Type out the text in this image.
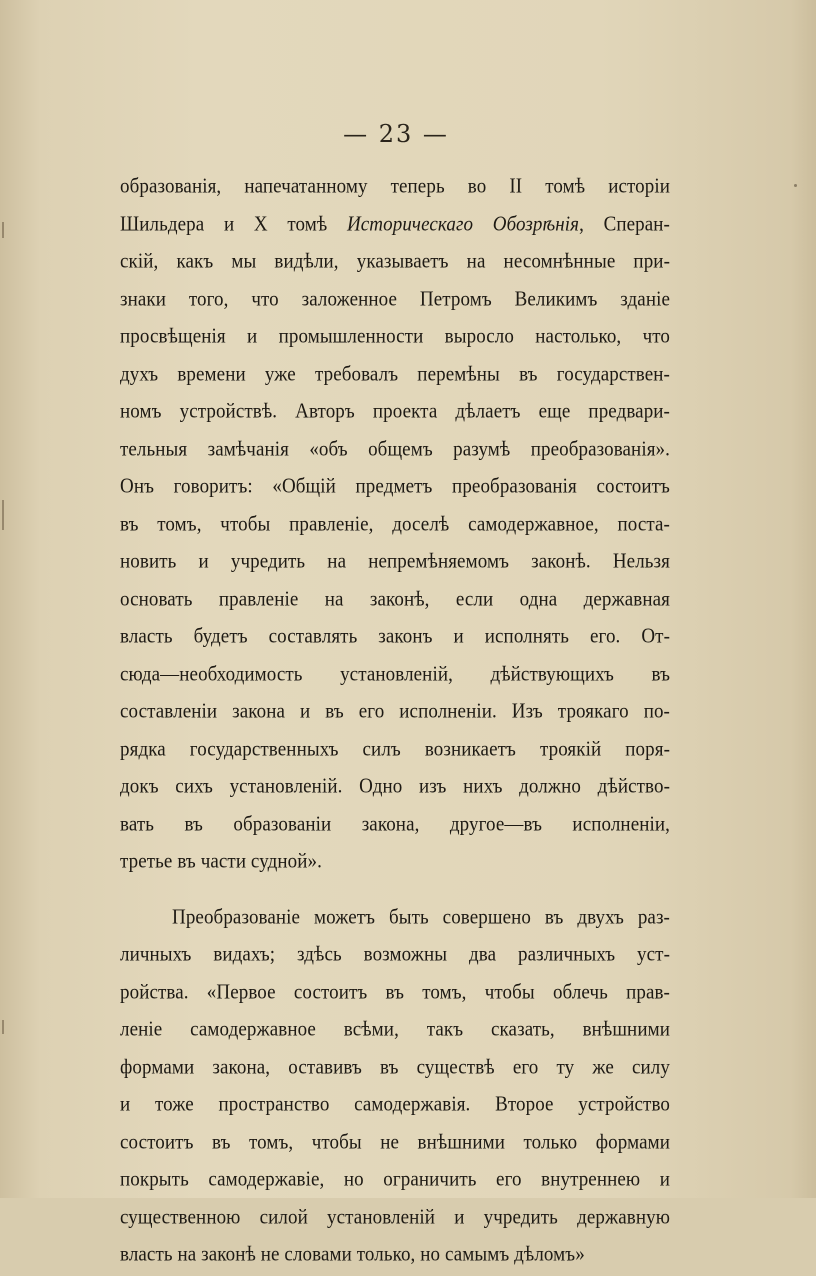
— 23 —
образованія, напечатанному теперь во II томѣ исторіи
Шильдера и X томѣ Историческаго Обозрѣнія, Сперан-
скій, какъ мы видѣли, указываетъ на несомнѣнные при-
знаки того, что заложенное Петромъ Великимъ зданіе
просвѣщенія и промышленности выросло настолько, что
духъ времени уже требовалъ перемѣны въ государствен-
номъ устройствѣ. Авторъ проекта дѣлаетъ еще предвари-
тельныя замѣчанія «объ общемъ разумѣ преобразованія».
Онъ говоритъ: «Общій предметъ преобразованія состоитъ
въ томъ, чтобы правленіе, доселѣ самодержавное, поста-
новить и учредить на непремѣняемомъ законѣ. Нельзя
основать правленіе на законѣ, если одна державная
власть будетъ составлять законъ и исполнять его. От-
сюда—необходимость установленій, дѣйствующихъ въ
составленіи закона и въ его исполненіи. Изъ троякаго по-
рядка государственныхъ силъ возникаетъ троякій поря-
докъ сихъ установленій. Одно изъ нихъ должно дѣйство-
вать въ образованіи закона, другое—въ исполненіи,
третье въ части судной».
Преобразованіе можетъ быть совершено въ двухъ раз-
личныхъ видахъ; здѣсь возможны два различныхъ уст-
ройства. «Первое состоитъ въ томъ, чтобы облечь прав-
леніе самодержавное всѣми, такъ сказать, внѣшними
формами закона, оставивъ въ существѣ его ту же силу
и тоже пространство самодержавія. Второе устройство
состоитъ въ томъ, чтобы не внѣшними только формами
покрыть самодержавіе, но ограничить его внутреннею и
существенною силой установленій и учредить державную
власть на законѣ не словами только, но самымъ дѣломъ»
